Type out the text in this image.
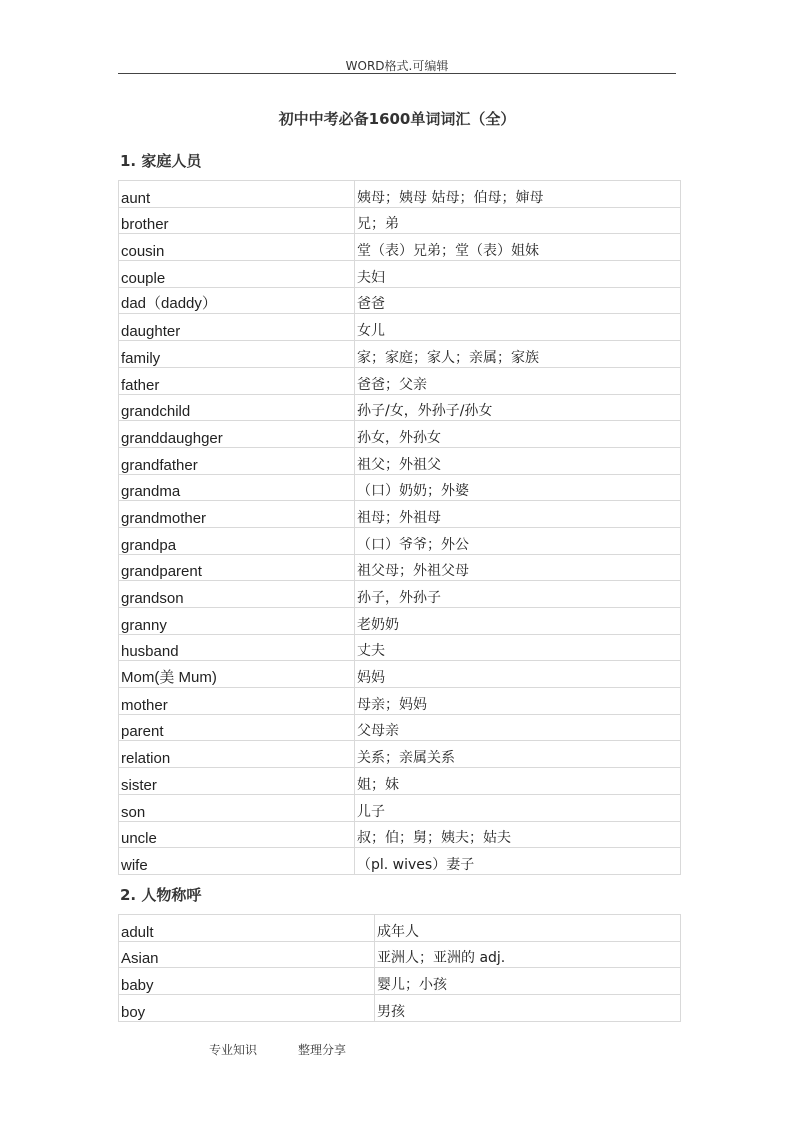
WORD格式.可编辑
初中中考必备1600单词词汇（全）
1. 家庭人员
aunt	姨母；姨母 姑母；伯母；婶母
brother	兄；弟
cousin	堂（表）兄弟；堂（表）姐妹
couple	夫妇
dad（daddy）	爸爸
daughter	女儿
family	家；家庭；家人；亲属；家族
father	爸爸；父亲
grandchild	孙子/女，外孙子/孙女
granddaughger	孙女，外孙女
grandfather	祖父；外祖父
grandma	（口）奶奶；外婆
grandmother	祖母；外祖母
grandpa	（口）爷爷；外公
grandparent	祖父母；外祖父母
grandson	孙子，外孙子
granny	老奶奶
husband	丈夫
Mom(美 Mum)	妈妈
mother	母亲；妈妈
parent	父母亲
relation	关系；亲属关系
sister	姐；妹
son	儿子
uncle	叔；伯；舅；姨夫；姑夫
wife	（pl. wives）妻子
2. 人物称呼
adult	成年人
Asian	亚洲人；亚洲的 adj.
baby	婴儿；小孩
boy	男孩
专业知识	整理分享
